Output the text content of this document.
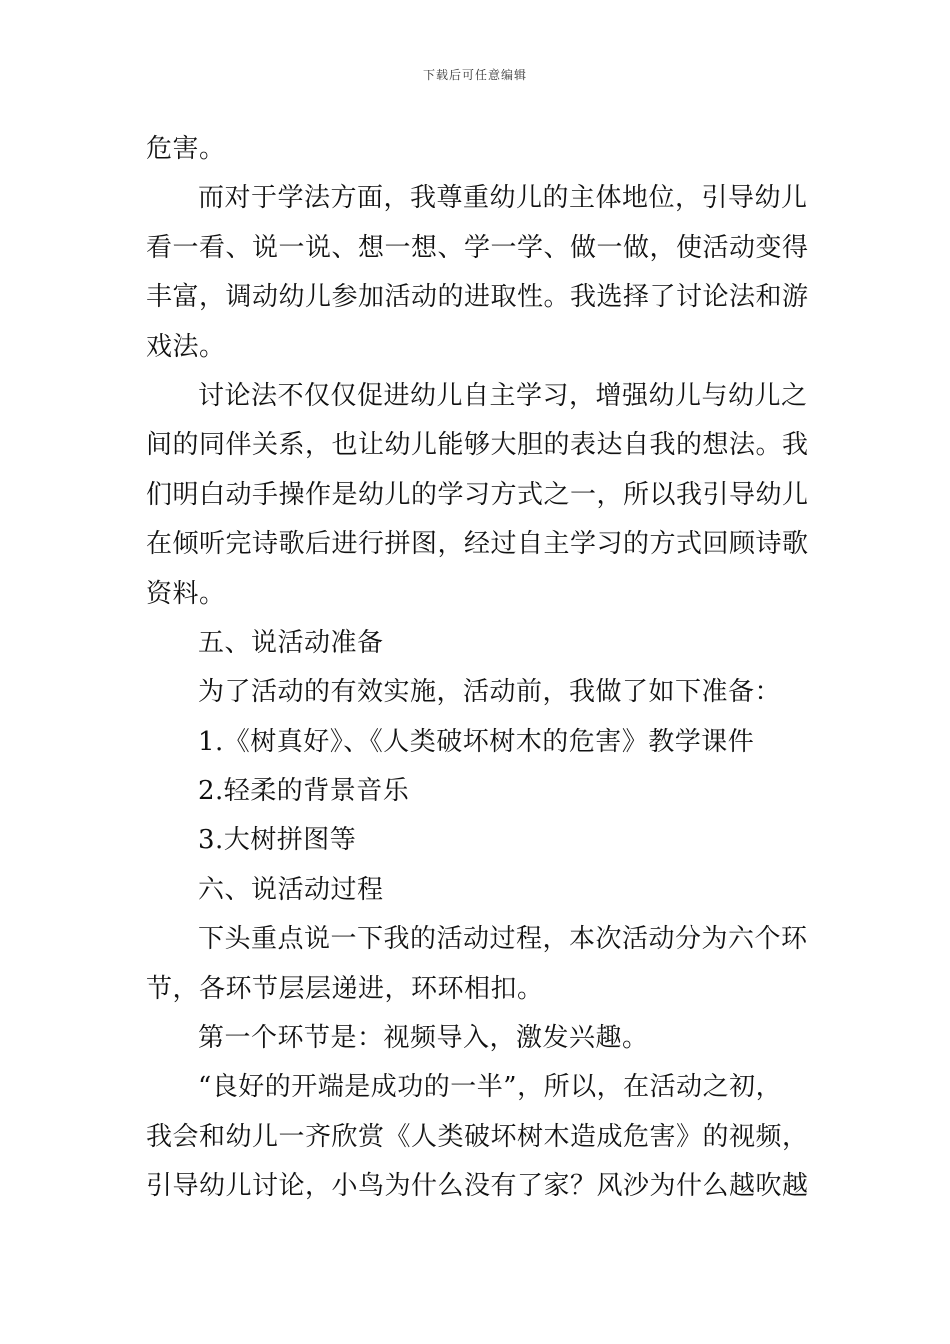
下载后可任意编辑
危害。
而对于学法方面，我尊重幼儿的主体地位，引导幼儿
看一看、说一说、想一想、学一学、做一做，使活动变得
丰富，调动幼儿参加活动的进取性。我选择了讨论法和游
戏法。
讨论法不仅仅促进幼儿自主学习，增强幼儿与幼儿之
间的同伴关系，也让幼儿能够大胆的表达自我的想法。我
们明白动手操作是幼儿的学习方式之一，所以我引导幼儿
在倾听完诗歌后进行拼图，经过自主学习的方式回顾诗歌
资料。
五、说活动准备
为了活动的有效实施，活动前，我做了如下准备：
1.《树真好》、《人类破坏树木的危害》教学课件
2.轻柔的背景音乐
3.大树拼图等
六、说活动过程
下头重点说一下我的活动过程，本次活动分为六个环
节，各环节层层递进，环环相扣。
第一个环节是：视频导入，激发兴趣。
“良好的开端是成功的一半”，所以，在活动之初，
我会和幼儿一齐欣赏《人类破坏树木造成危害》的视频，
引导幼儿讨论，小鸟为什么没有了家？风沙为什么越吹越
